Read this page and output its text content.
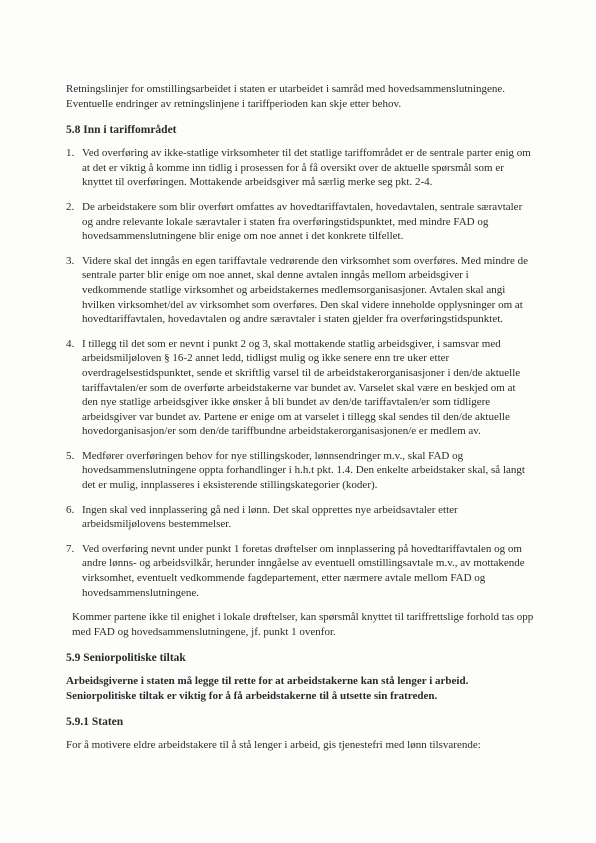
Retningslinjer for omstillingsarbeidet i staten er utarbeidet i samråd med hovedsammenslutningene. Eventuelle endringer av retningslinjene i tariffperioden kan skje etter behov.

5.8 Inn i tariffområdet
1. Ved overføring av ikke-statlige virksomheter til det statlige tariffområdet er de sentrale parter enig om at det er viktig å komme inn tidlig i prosessen for å få oversikt over de aktuelle spørsmål som er knyttet til overføringen. Mottakende arbeidsgiver må særlig merke seg pkt. 2-4.
2. De arbeidstakere som blir overført omfattes av hovedtariffavtalen, hovedavtalen, sentrale særavtaler og andre relevante lokale særavtaler i staten fra overføringstidspunktet, med mindre FAD og hovedsammenslutningene blir enige om noe annet i det konkrete tilfellet.
3. Videre skal det inngås en egen tariffavtale vedrørende den virksomhet som overføres. Med mindre de sentrale parter blir enige om noe annet, skal denne avtalen inngås mellom arbeidsgiver i vedkommende statlige virksomhet og arbeidstakernes medlemsorganisasjoner. Avtalen skal angi hvilken virksomhet/del av virksomhet som overføres. Den skal videre inneholde opplysninger om at hovedtariffavtalen, hovedavtalen og andre særavtaler i staten gjelder fra overføringstidspunktet.
4. I tillegg til det som er nevnt i punkt 2 og 3, skal mottakende statlig arbeidsgiver, i samsvar med arbeidsmiljøloven § 16-2 annet ledd, tidligst mulig og ikke senere enn tre uker etter overdragelsestidspunktet, sende et skriftlig varsel til de arbeidstakerorganisasjoner i den/de aktuelle tariffavtalen/er som de overførte arbeidstakerne var bundet av. Varselet skal være en beskjed om at den nye statlige arbeidsgiver ikke ønsker å bli bundet av den/de tariffavtalen/er som tidligere arbeidsgiver var bundet av. Partene er enige om at varselet i tillegg skal sendes til den/de aktuelle hovedorganisasjon/er som den/de tariffbundne arbeidstakerorganisasjonen/e er medlem av.
5. Medfører overføringen behov for nye stillingskoder, lønnsendringer m.v., skal FAD og hovedsammenslutningene oppta forhandlinger i h.h.t pkt. 1.4. Den enkelte arbeidstaker skal, så langt det er mulig, innplasseres i eksisterende stillingskategorier (koder).
6. Ingen skal ved innplassering gå ned i lønn. Det skal opprettes nye arbeidsavtaler etter arbeidsmiljølovens bestemmelser.
7. Ved overføring nevnt under punkt 1 foretas drøftelser om innplassering på hovedtariffavtalen og om andre lønns- og arbeidsvilkår, herunder inngåelse av eventuell omstillingsavtale m.v., av mottakende virksomhet, eventuelt vedkommende fagdepartement, etter nærmere avtale mellom FAD og hovedsammenslutningene.

Kommer partene ikke til enighet i lokale drøftelser, kan spørsmål knyttet til tariffrettslige forhold tas opp med FAD og hovedsammenslutningene, jf. punkt 1 ovenfor.

5.9 Seniorpolitiske tiltak

Arbeidsgiverne i staten må legge til rette for at arbeidstakerne kan stå lenger i arbeid. Seniorpolitiske tiltak er viktig for å få arbeidstakerne til å utsette sin fratreden.

5.9.1 Staten

For å motivere eldre arbeidstakere til å stå lenger i arbeid, gis tjenestefri med lønn tilsvarende:
